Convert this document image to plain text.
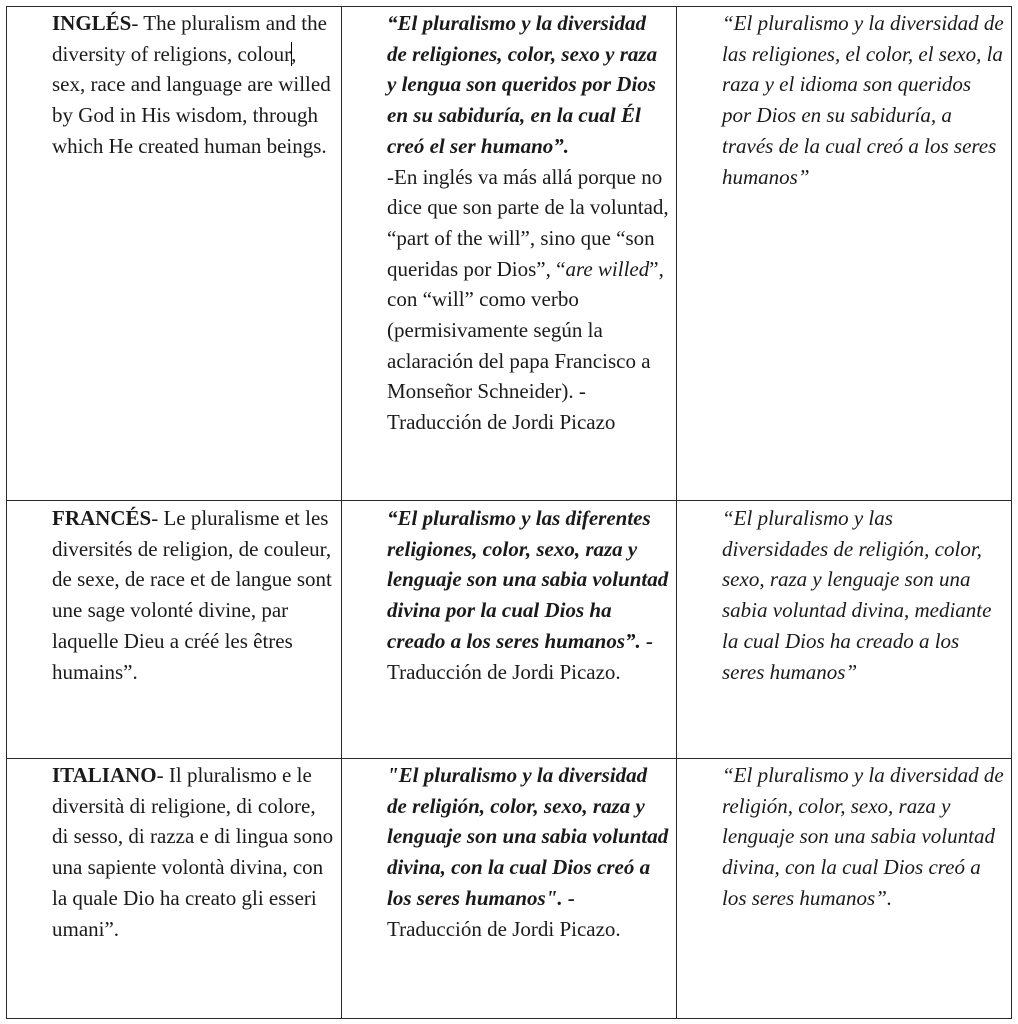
INGLÉS- The pluralism and the diversity of religions, colour, sex, race and language are willed by God in His wisdom, through which He created human beings.

“El pluralismo y la diversidad de religiones, color, sexo y raza y lengua son queridos por Dios en su sabiduría, en la cual Él creó el ser humano”.

-En inglés va más allá porque no dice que son parte de la voluntad, “part of the will”, sino que “son queridas por Dios”, “are willed”, con “will” como verbo (permisivamente según la aclaración del papa Francisco a Monseñor Schneider). - Traducción de Jordi Picazo

“El pluralismo y la diversidad de las religiones, el color, el sexo, la raza y el idioma son queridos por Dios en su sabiduría, a través de la cual creó a los seres humanos”

FRANCÉS- Le pluralisme et les diversités de religion, de couleur, de sexe, de race et de langue sont une sage volonté divine, par laquelle Dieu a créé les êtres humains”.

“El pluralismo y las diferentes religiones, color, sexo, raza y lenguaje son una sabia voluntad divina por la cual Dios ha creado a los seres humanos”. - Traducción de Jordi Picazo.

“El pluralismo y las diversidades de religión, color, sexo, raza y lenguaje son una sabia voluntad divina, mediante la cual Dios ha creado a los seres humanos”

ITALIANO- Il pluralismo e le diversità di religione, di colore, di sesso, di razza e di lingua sono una sapiente volontà divina, con la quale Dio ha creato gli esseri umani”.

"El pluralismo y la diversidad de religión, color, sexo, raza y lenguaje son una sabia voluntad divina, con la cual Dios creó a los seres humanos". - Traducción de Jordi Picazo.

“El pluralismo y la diversidad de religión, color, sexo, raza y lenguaje son una sabia voluntad divina, con la cual Dios creó a los seres humanos”.
